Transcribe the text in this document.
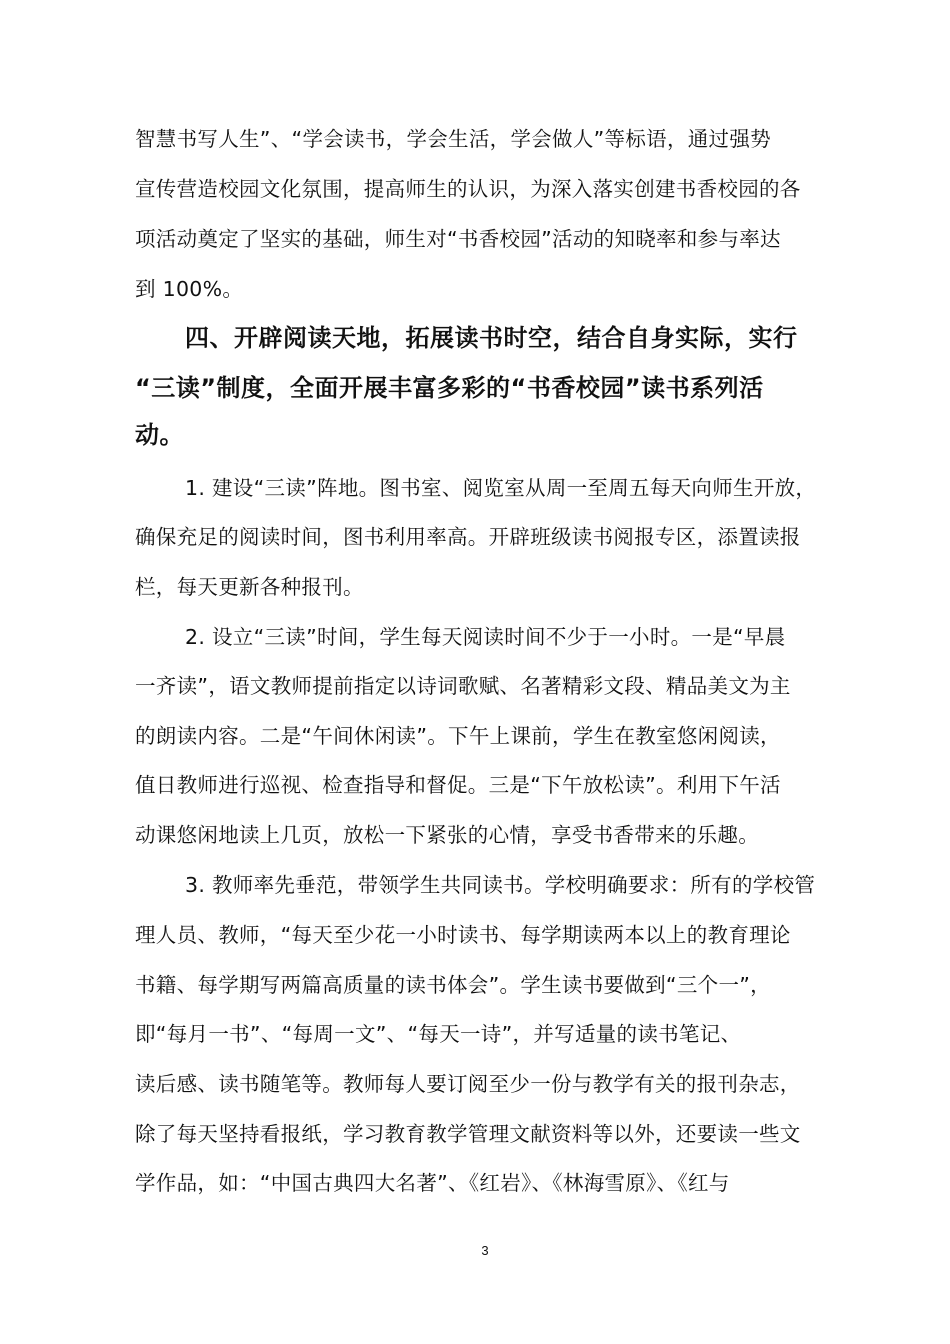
智慧书写人生”、“学会读书，学会生活，学会做人”等标语，通过强势
宣传营造校园文化氛围，提高师生的认识，为深入落实创建书香校园的各
项活动奠定了坚实的基础，师生对“书香校园”活动的知晓率和参与率达
到 100%。
四、开辟阅读天地，拓展读书时空，结合自身实际，实行
“三读”制度，全面开展丰富多彩的“书香校园”读书系列活
动。
1. 建设“三读”阵地。图书室、阅览室从周一至周五每天向师生开放，
确保充足的阅读时间，图书利用率高。开辟班级读书阅报专区，添置读报
栏，每天更新各种报刊。
2. 设立“三读”时间，学生每天阅读时间不少于一小时。一是“早晨
一齐读”，语文教师提前指定以诗词歌赋、名著精彩文段、精品美文为主
的朗读内容。二是“午间休闲读”。下午上课前，学生在教室悠闲阅读，
值日教师进行巡视、检查指导和督促。三是“下午放松读”。利用下午活
动课悠闲地读上几页，放松一下紧张的心情，享受书香带来的乐趣。
3. 教师率先垂范，带领学生共同读书。学校明确要求：所有的学校管
理人员、教师，“每天至少花一小时读书、每学期读两本以上的教育理论
书籍、每学期写两篇高质量的读书体会”。学生读书要做到“三个一”，
即“每月一书”、“每周一文”、“每天一诗”，并写适量的读书笔记、
读后感、读书随笔等。教师每人要订阅至少一份与教学有关的报刊杂志，
除了每天坚持看报纸，学习教育教学管理文献资料等以外，还要读一些文
学作品，如：“中国古典四大名著”、《红岩》、《林海雪原》、《红与
3
